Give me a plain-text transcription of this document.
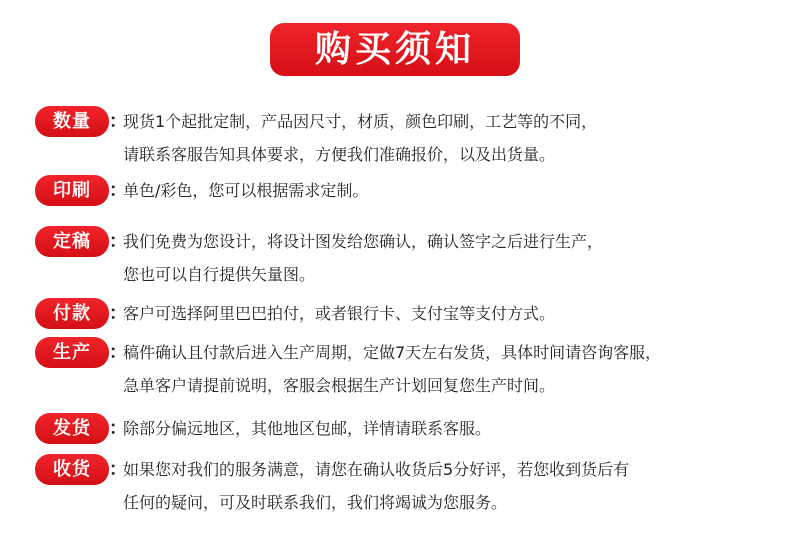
购买须知
数量	：
现货1个起批定制，产品因尺寸，材质，颜色印刷，工艺等的不同，
请联系客服告知具体要求，方便我们准确报价，以及出货量。
印刷	：
单色/彩色，您可以根据需求定制。
定稿	：
我们免费为您设计，将设计图发给您确认，确认签字之后进行生产，
您也可以自行提供矢量图。
付款	：
客户可选择阿里巴巴拍付，或者银行卡、支付宝等支付方式。
生产	：
稿件确认且付款后进入生产周期，定做7天左右发货，具体时间请咨询客服，
急单客户请提前说明，客服会根据生产计划回复您生产时间。
发货	：
除部分偏远地区，其他地区包邮，详情请联系客服。
收货	：
如果您对我们的服务满意，请您在确认收货后5分好评，若您收到货后有
任何的疑问，可及时联系我们，我们将竭诚为您服务。
